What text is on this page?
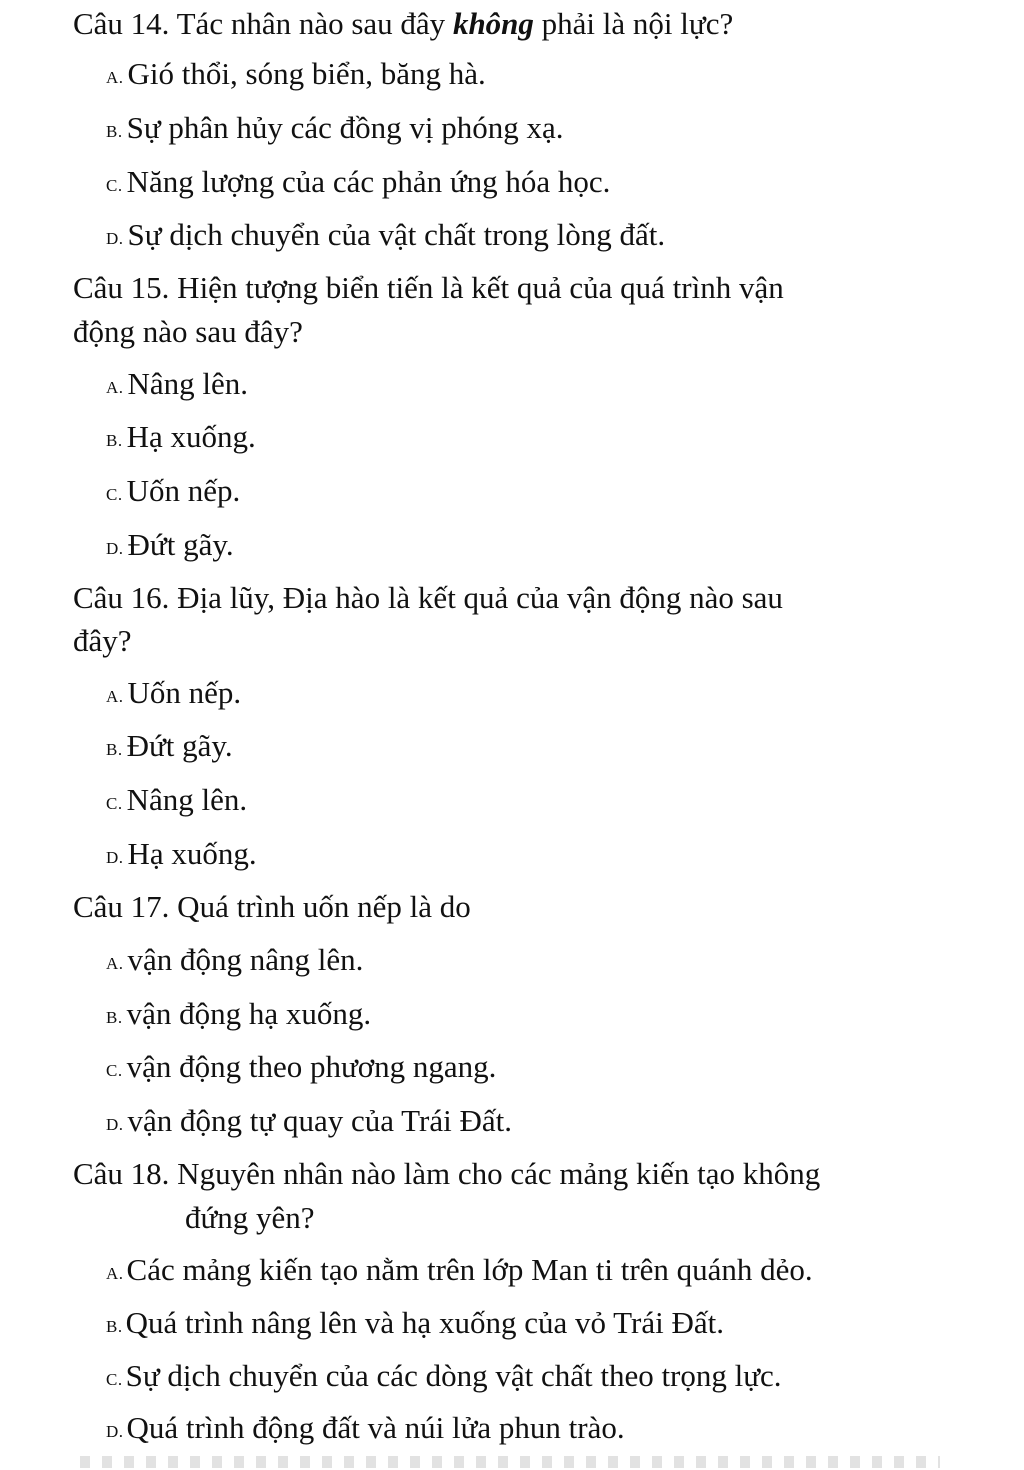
Câu 14. Tác nhân nào sau đây không phải là nội lực?
A. Gió thổi, sóng biển, băng hà.
B. Sự phân hủy các đồng vị phóng xạ.
C. Năng lượng của các phản ứng hóa học.
D. Sự dịch chuyển của vật chất trong lòng đất.
Câu 15. Hiện tượng biển tiến là kết quả của quá trình vận
động nào sau đây?
A. Nâng lên.
B. Hạ xuống.
C. Uốn nếp.
D. Đứt gãy.
Câu 16. Địa lũy, Địa hào là kết quả của vận động nào sau
đây?
A. Uốn nếp.
B. Đứt gãy.
C. Nâng lên.
D. Hạ xuống.
Câu 17. Quá trình uốn nếp là do
A. vận động nâng lên.
B. vận động hạ xuống.
C. vận động theo phương ngang.
D. vận động tự quay của Trái Đất.
Câu 18. Nguyên nhân nào làm cho các mảng kiến tạo không
đứng yên?
A.Các mảng kiến tạo nằm trên lớp Man ti trên quánh dẻo.
B.Quá trình nâng lên và hạ xuống của vỏ Trái Đất.
C.Sự dịch chuyển của các dòng vật chất theo trọng lực.
D.Quá trình động đất và núi lửa phun trào.
